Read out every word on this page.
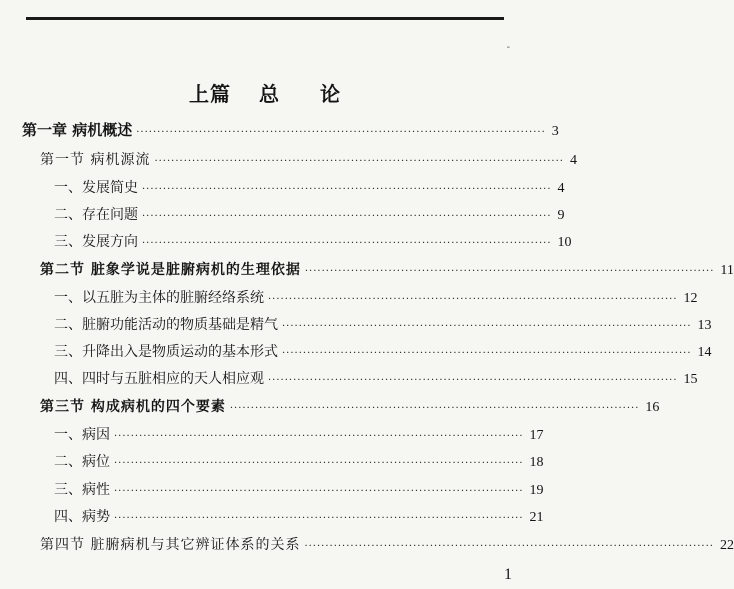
-
上篇 总 论
第一章 病机概述 ·································································································· 3
第一节 病机源流 ·································································································· 4
一、发展简史 ·································································································· 4
二、存在问题 ·································································································· 9
三、发展方向 ·································································································· 10
第二节 脏象学说是脏腑病机的生理依据 ·································································································· 11
一、以五脏为主体的脏腑经络系统 ·································································································· 12
二、脏腑功能活动的物质基础是精气 ·································································································· 13
三、升降出入是物质运动的基本形式 ·································································································· 14
四、四时与五脏相应的天人相应观 ·································································································· 15
第三节 构成病机的四个要素 ·································································································· 16
一、病因 ·································································································· 17
二、病位 ·································································································· 18
三、病性 ·································································································· 19
四、病势 ·································································································· 21
第四节 脏腑病机与其它辨证体系的关系 ·································································································· 22
1
